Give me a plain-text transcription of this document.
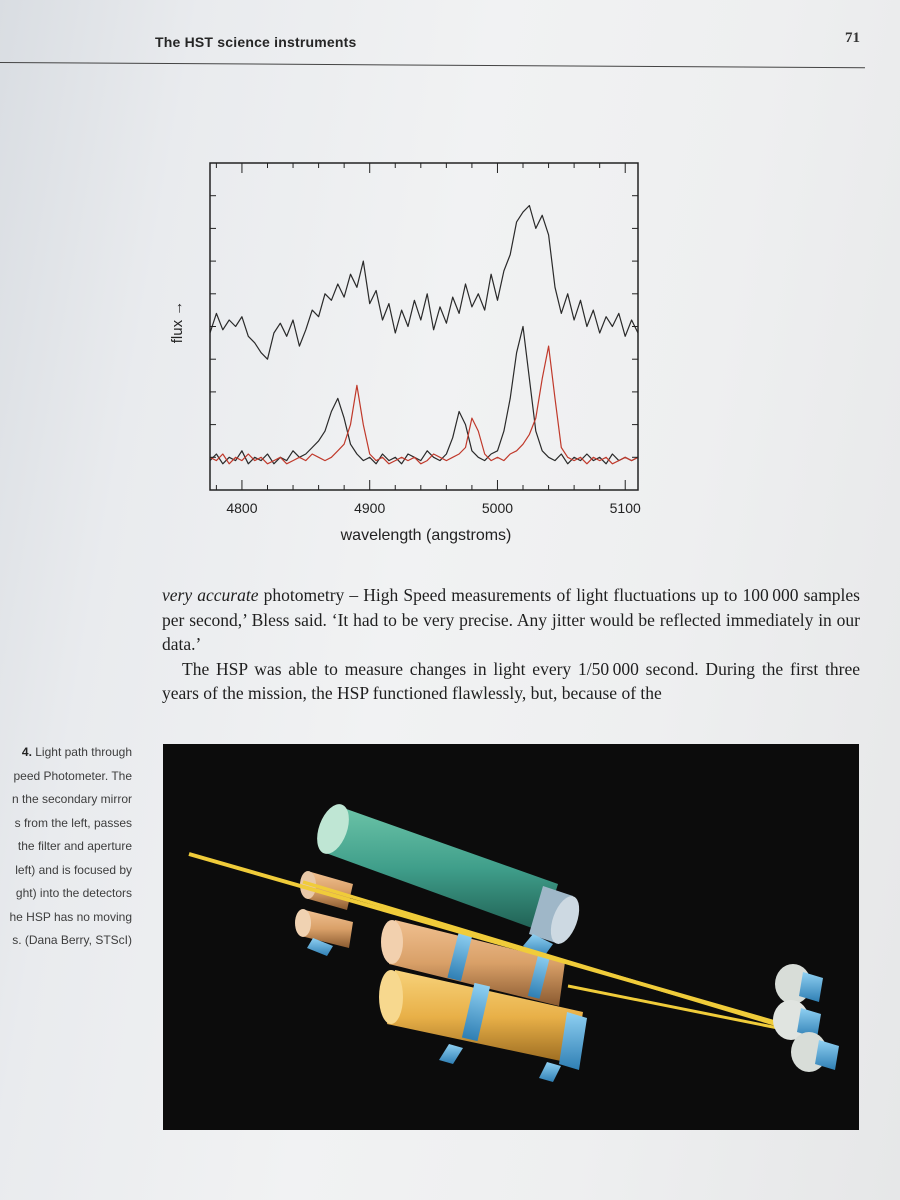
The HST science instruments	71
4800	4900	5000	5100
wavelength (angstroms)
flux →

very accurate photometry – High Speed measurements of light fluctuations up to 100 000 samples per second,’ Bless said. ‘It had to be very precise. Any jitter would be reflected immediately in our data.’

The HSP was able to measure changes in light every 1/50 000 second. During the first three years of the mission, the HSP functioned flawlessly, but, because of the

4. Light path through
peed Photometer. The
n the secondary mirror
s from the left, passes
the filter and aperture
left) and is focused by
ght) into the detectors
he HSP has no moving
s. (Dana Berry, STScI)
